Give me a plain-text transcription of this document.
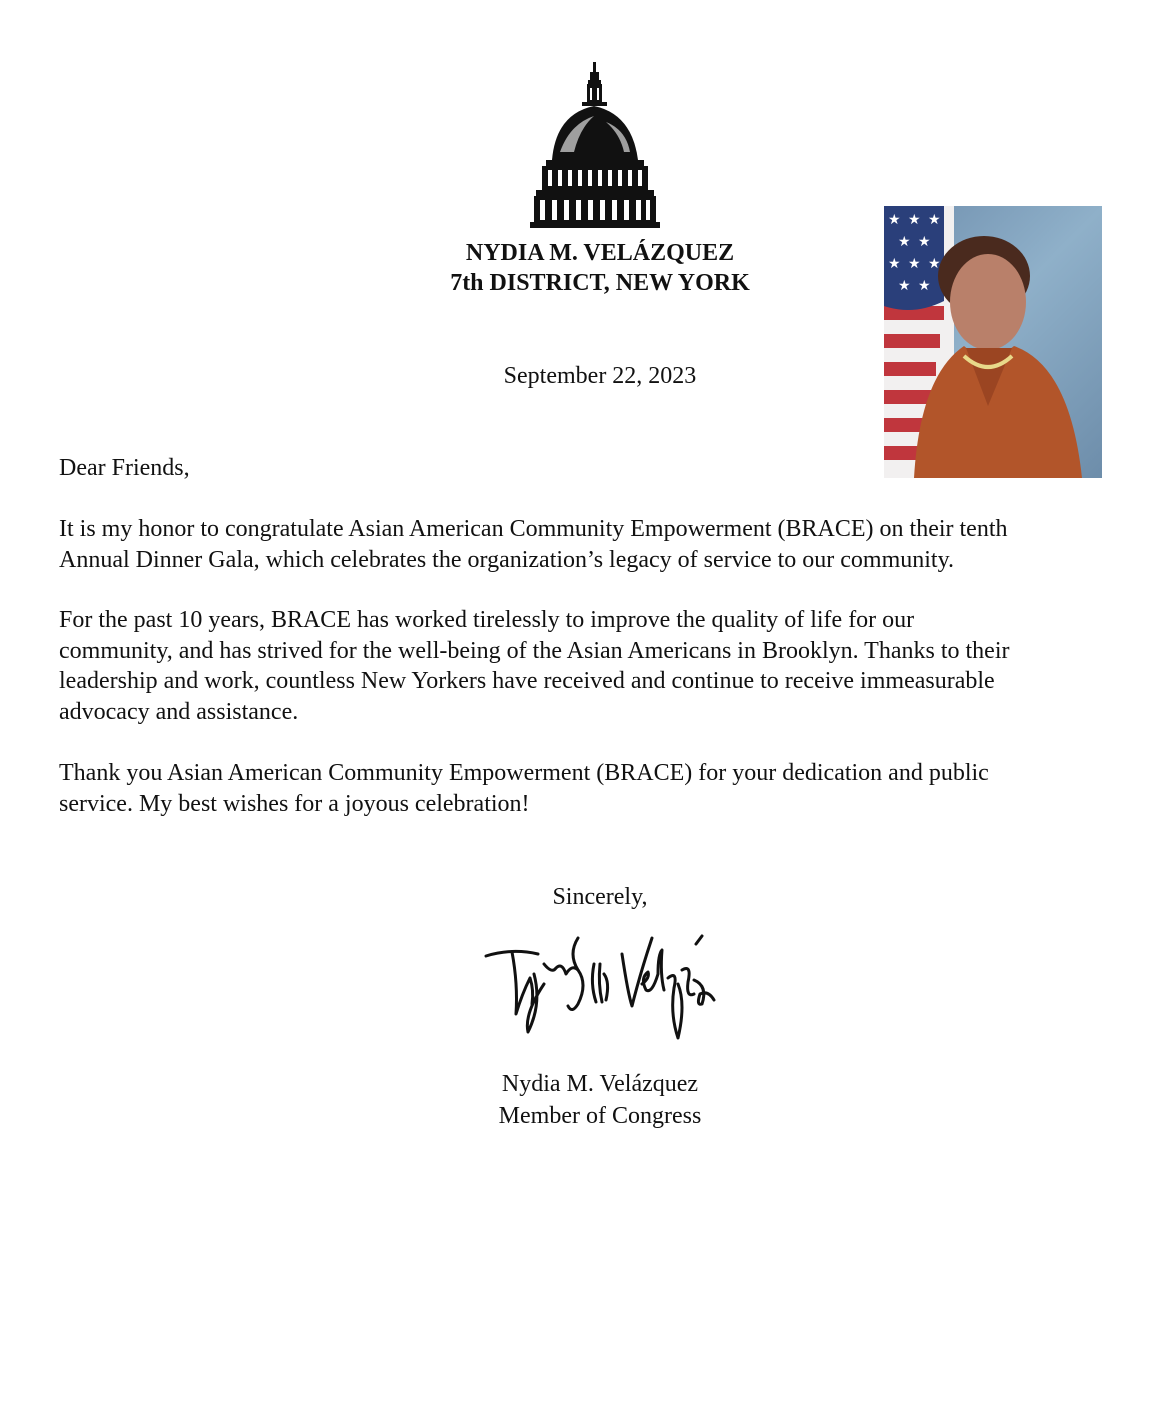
NYDIA M. VELÁZQUEZ
7th DISTRICT, NEW YORK
September 22, 2023
★ ★ ★
★ ★
★ ★ ★
★ ★
Dear Friends,
It is my honor to congratulate Asian American Community Empowerment (BRACE) on their tenth
Annual Dinner Gala, which celebrates the organization’s legacy of service to our community.
For the past 10 years, BRACE has worked tirelessly to improve the quality of life for our
community, and has strived for the well-being of the Asian Americans in Brooklyn. Thanks to their
leadership and work, countless New Yorkers have received and continue to receive immeasurable
advocacy and assistance.
Thank you Asian American Community Empowerment (BRACE) for your dedication and public
service. My best wishes for a joyous celebration!
Sincerely,
Nydia M. Velázquez
Member of Congress
